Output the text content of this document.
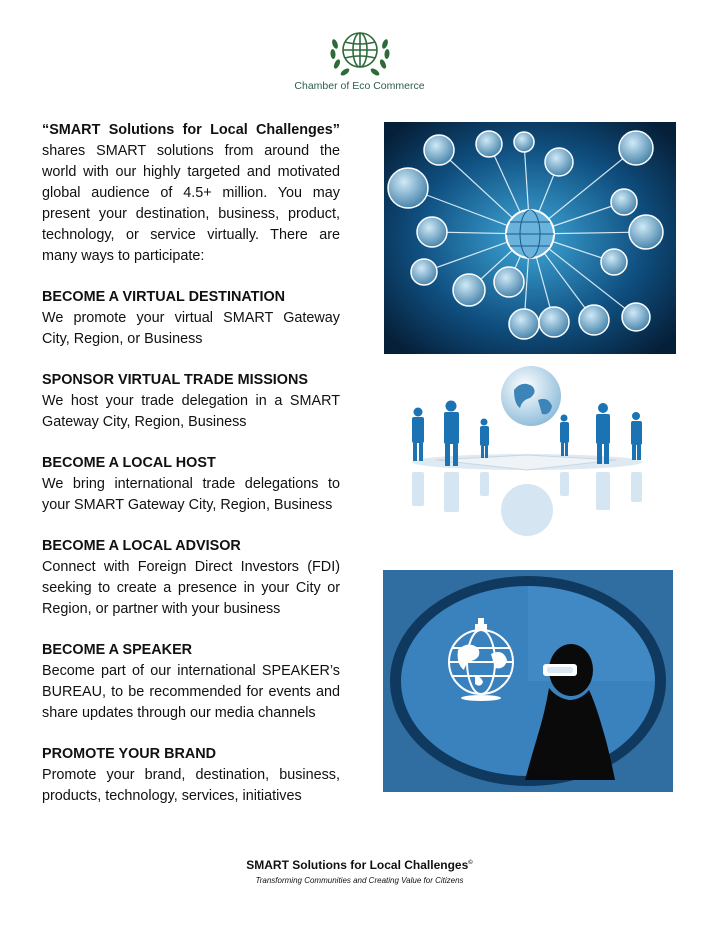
Chamber of Eco Commerce

“SMART Solutions for Local Challenges” shares SMART solutions from around the world with our highly targeted and motivated global audience of 4.5+ million. You may present your destination, business, product, technology, or service virtually. There are many ways to participate:

BECOME A VIRTUAL DESTINATION

We promote your virtual SMART Gateway City, Region, or Business

SPONSOR VIRTUAL TRADE MISSIONS

We host your trade delegation in a SMART Gateway City, Region, Business

BECOME A LOCAL HOST

We bring international trade delegations to your SMART Gateway City, Region, Business

BECOME A LOCAL ADVISOR

Connect with Foreign Direct Investors (FDI) seeking to create a presence in your City or Region, or partner with your business

BECOME A SPEAKER

Become part of our international SPEAKER’s BUREAU, to be recommended for events and share updates through our media channels

PROMOTE YOUR BRAND

Promote your brand, destination, business, products, technology, services, initiatives

SMART Solutions for Local Challenges©
Transforming Communities and Creating Value for Citizens
